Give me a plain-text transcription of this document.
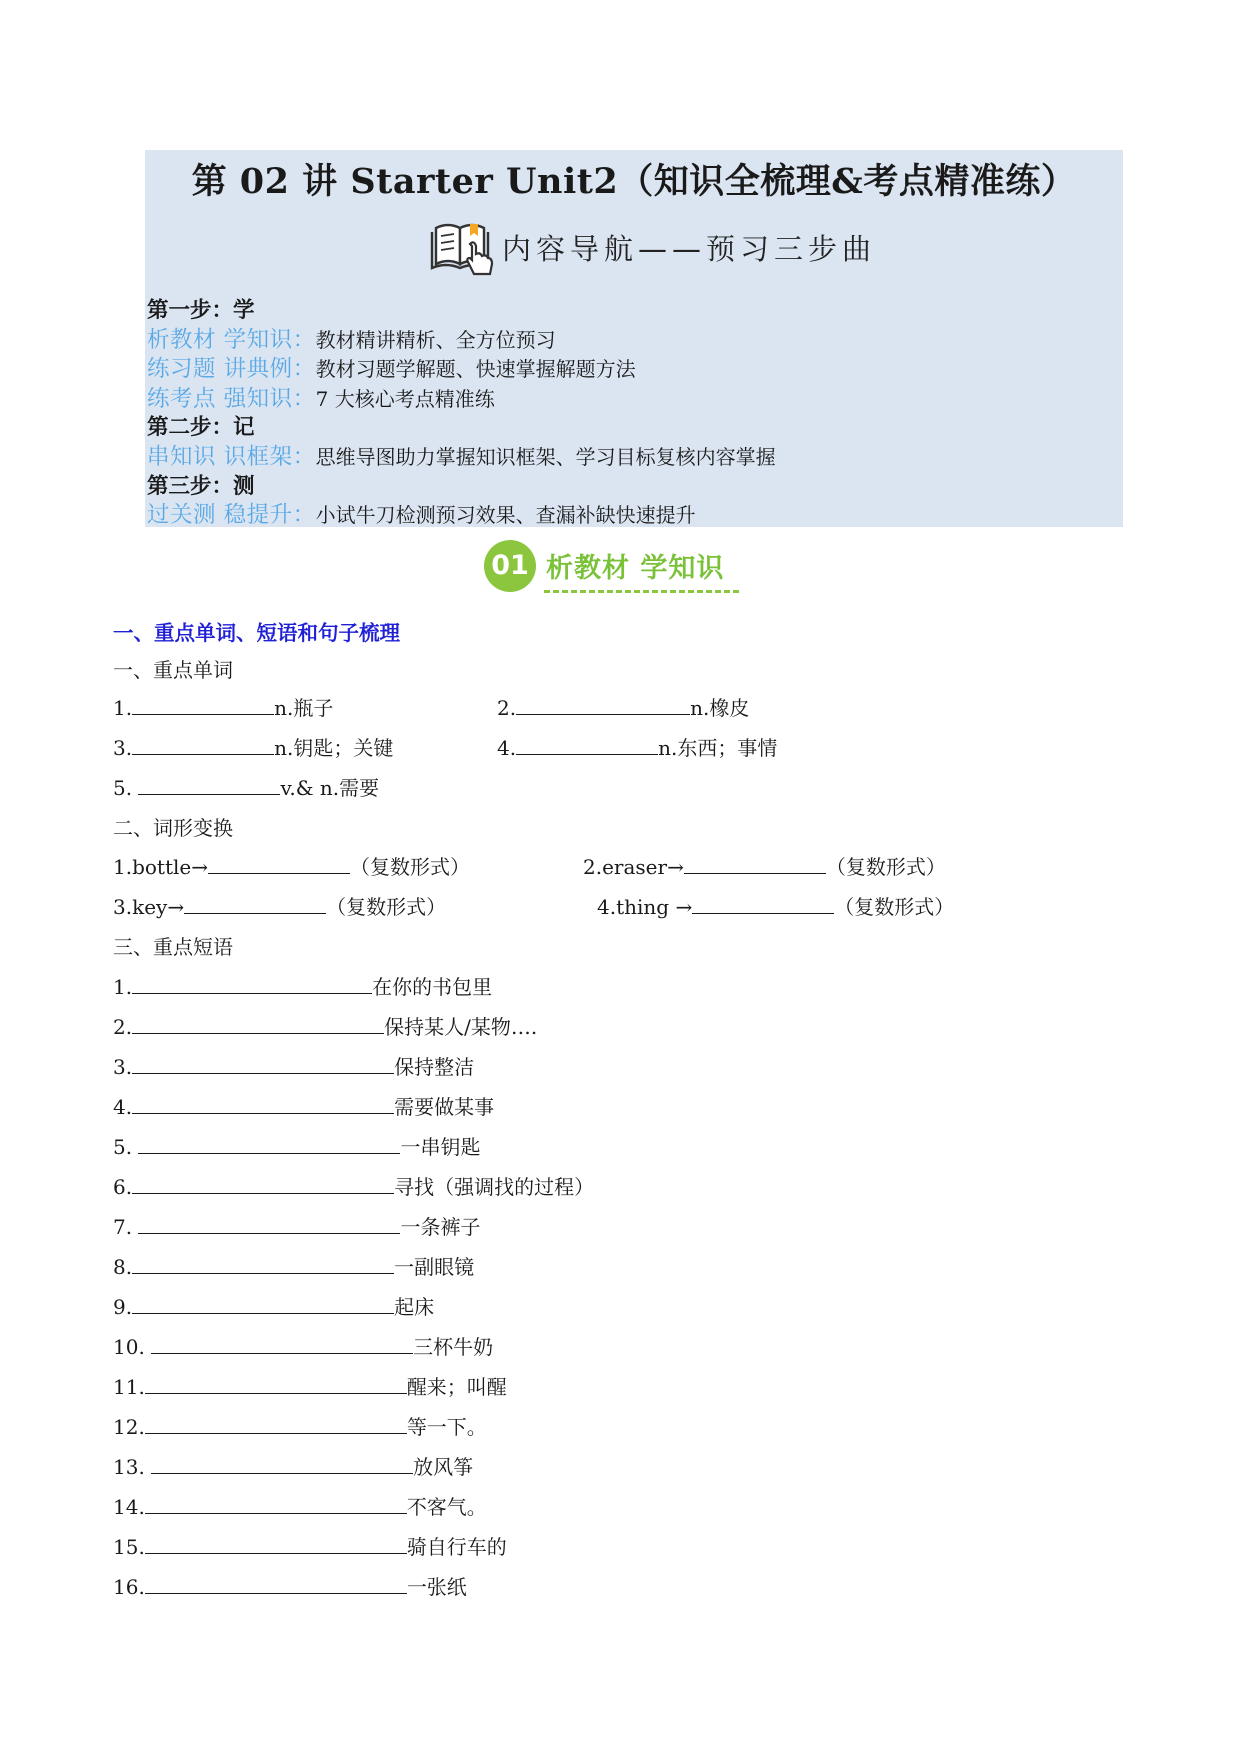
第 02 讲 Starter Unit2（知识全梳理&考点精准练）
内容导航——预习三步曲
第一步：学
析教材 学知识：教材精讲精析、全方位预习
练习题 讲典例：教材习题学解题、快速掌握解题方法
练考点 强知识：7 大核心考点精准练
第二步：记
串知识 识框架：思维导图助力掌握知识框架、学习目标复核内容掌握
第三步：测
过关测 稳提升：小试牛刀检测预习效果、查漏补缺快速提升
01 析教材 学知识
一、重点单词、短语和句子梳理
一、重点单词
1.	n.瓶子	2.	n.橡皮
3.	n.钥匙；关键	4.	n.东西；事情
5.	v.& n.需要
二、词形变换
1.bottle→	（复数形式）	2.eraser→	（复数形式）
3.key→	（复数形式）	4.thing →	（复数形式）
三、重点短语
1.	在你的书包里
2.	保持某人/某物….
3.	保持整洁
4.	需要做某事
5.	一串钥匙
6.	寻找（强调找的过程）
7.	一条裤子
8.	一副眼镜
9.	起床
10.	三杯牛奶
11.	醒来；叫醒
12.	等一下。
13.	放风筝
14.	不客气。
15.	骑自行车的
16.	一张纸
